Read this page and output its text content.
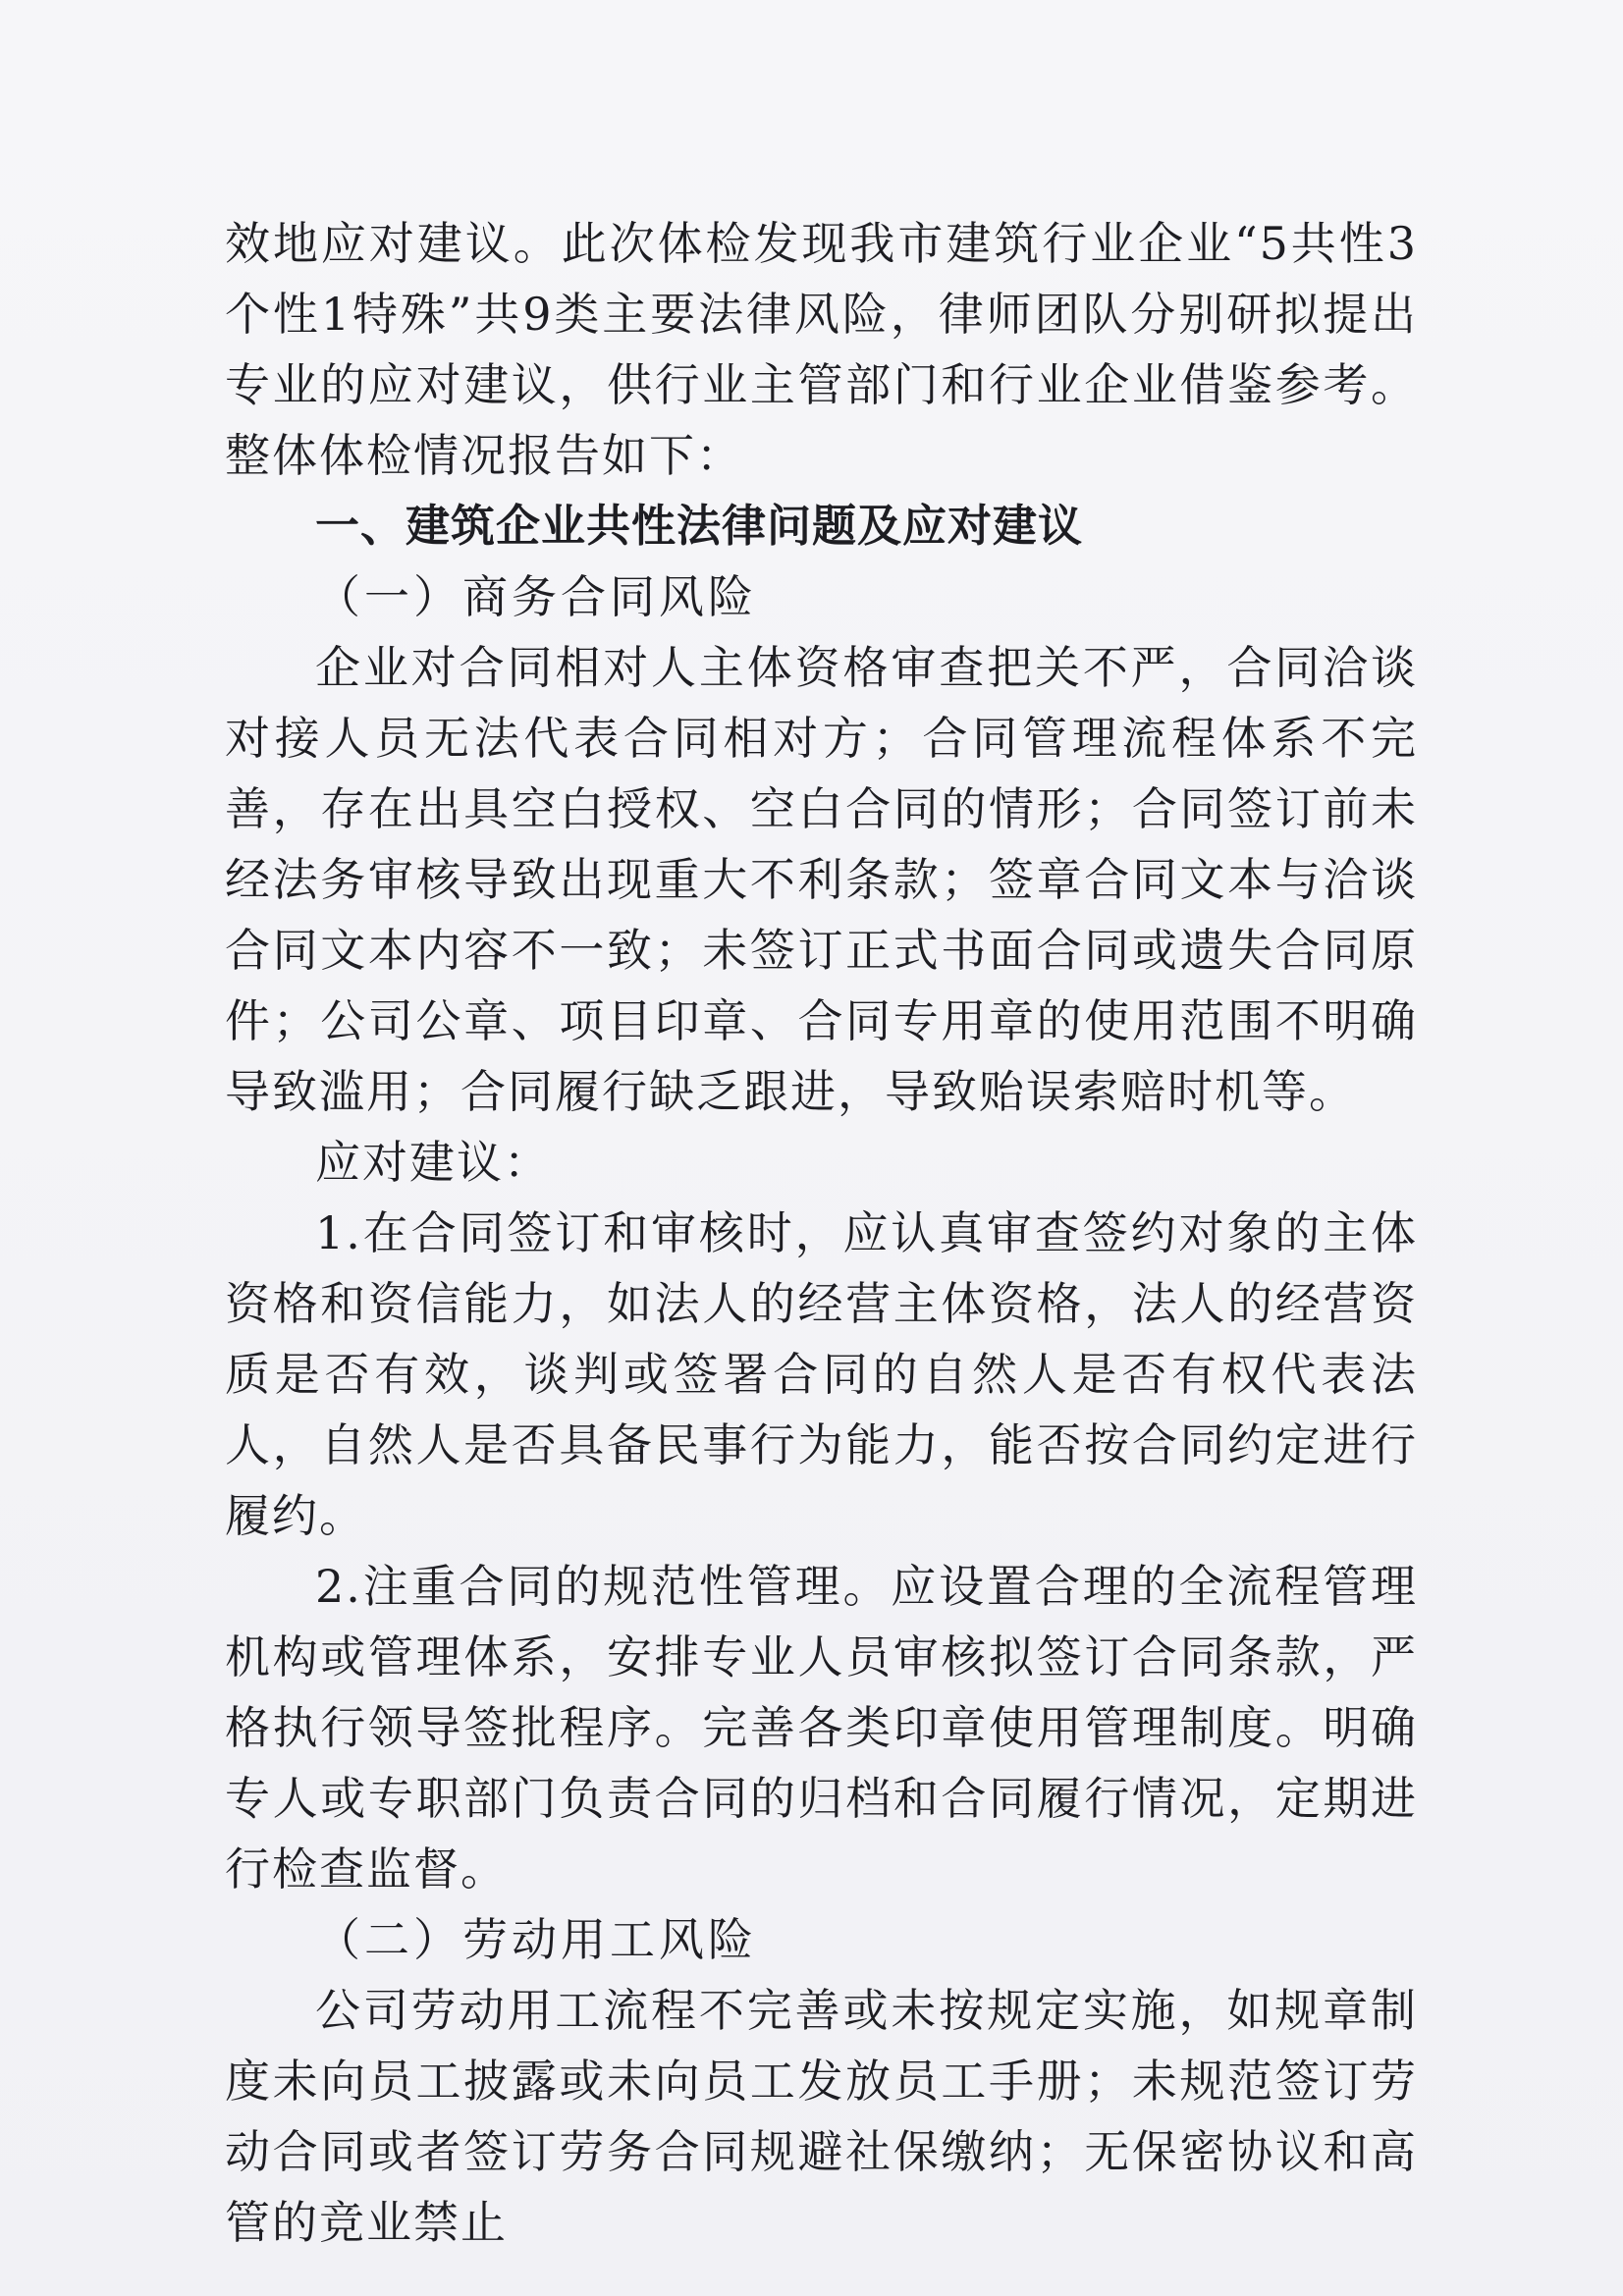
效地应对建议。此次体检发现我市建筑行业企业“5共性3个性1特殊”共9类主要法律风险，律师团队分别研拟提出专业的应对建议，供行业主管部门和行业企业借鉴参考。整体体检情况报告如下：

一、建筑企业共性法律问题及应对建议

（一）商务合同风险

企业对合同相对人主体资格审查把关不严，合同洽谈对接人员无法代表合同相对方；合同管理流程体系不完善，存在出具空白授权、空白合同的情形；合同签订前未经法务审核导致出现重大不利条款；签章合同文本与洽谈合同文本内容不一致；未签订正式书面合同或遗失合同原件；公司公章、项目印章、合同专用章的使用范围不明确导致滥用；合同履行缺乏跟进，导致贻误索赔时机等。

应对建议：

1.在合同签订和审核时，应认真审查签约对象的主体资格和资信能力，如法人的经营主体资格，法人的经营资质是否有效，谈判或签署合同的自然人是否有权代表法人，自然人是否具备民事行为能力，能否按合同约定进行履约。

2.注重合同的规范性管理。应设置合理的全流程管理机构或管理体系，安排专业人员审核拟签订合同条款，严格执行领导签批程序。完善各类印章使用管理制度。明确专人或专职部门负责合同的归档和合同履行情况，定期进行检查监督。

（二）劳动用工风险

公司劳动用工流程不完善或未按规定实施，如规章制度未向员工披露或未向员工发放员工手册；未规范签订劳动合同或者签订劳务合同规避社保缴纳；无保密协议和高管的竞业禁止
